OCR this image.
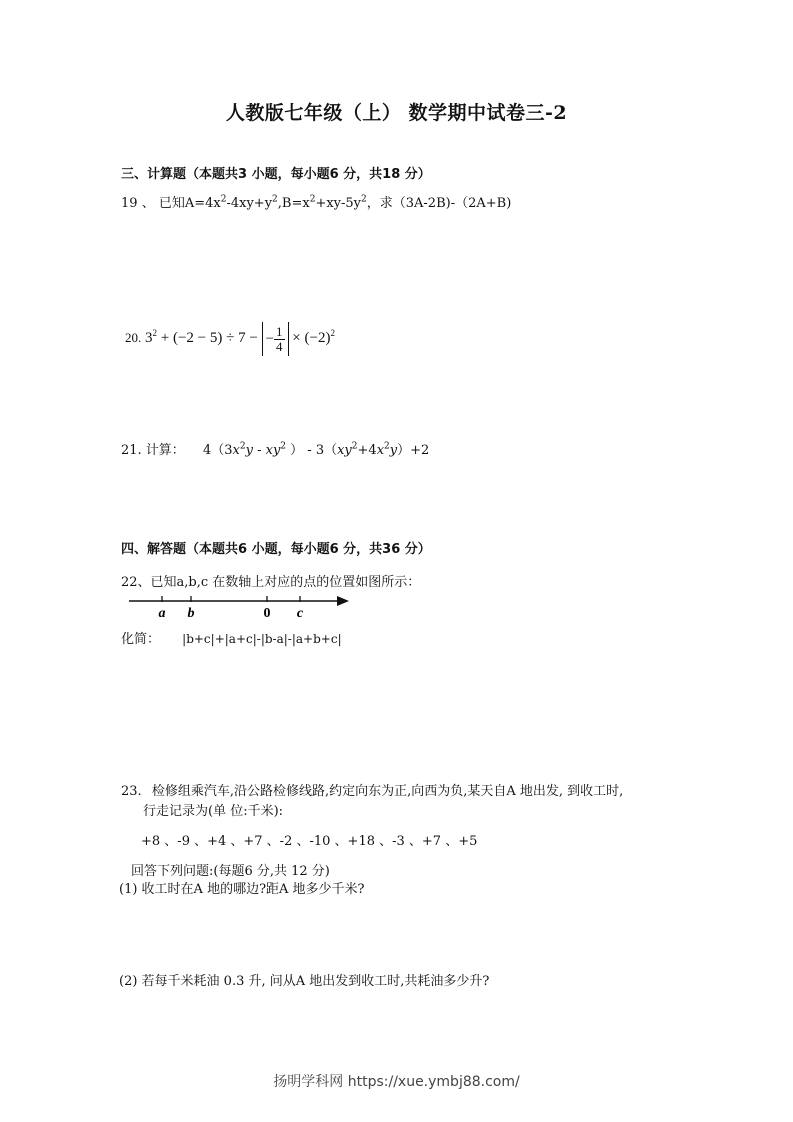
人教版七年级（上） 数学期中试卷三-2
三、计算题（本题共3 小题，每小题6 分，共18 分）
19 、 已知$A=4x^2-4xy+y^2,B=x^2+xy-5y^2$，求（3A-2B)-（2A+B)
20. $3^2 + (-2 - 5) \div 7$ − − $\frac{1}{4} \times (-2)^2$
21. 计算： $4(3x^2y - xy^2$ ） - $3(xy^2+4x^2y)+2$
四、解答题（本题共6 小题，每小题6 分，共36 分）
22、已知a,b,c 在数轴上对应的点的位置如图所示：
a b	0 c
化简： |b+c|+|a+c|-|b-a|-|a+b+c|
23. 检修组乘汽车,沿公路检修线路,约定向东为正,向西为负,某天自A 地出发, 到收工时,
行走记录为(单 位:千米):
+8 、-9 、+4 、+7 、-2 、-10 、+18 、-3 、+7 、+5
回答下列问题:(每题6 分,共 12 分)
(1) 收工时在A 地的哪边?距A 地多少千米?
(2) 若每千米耗油 0.3 升, 问从A 地出发到收工时,共耗油多少升?
扬明学科网 https://xue.ymbj88.com/
